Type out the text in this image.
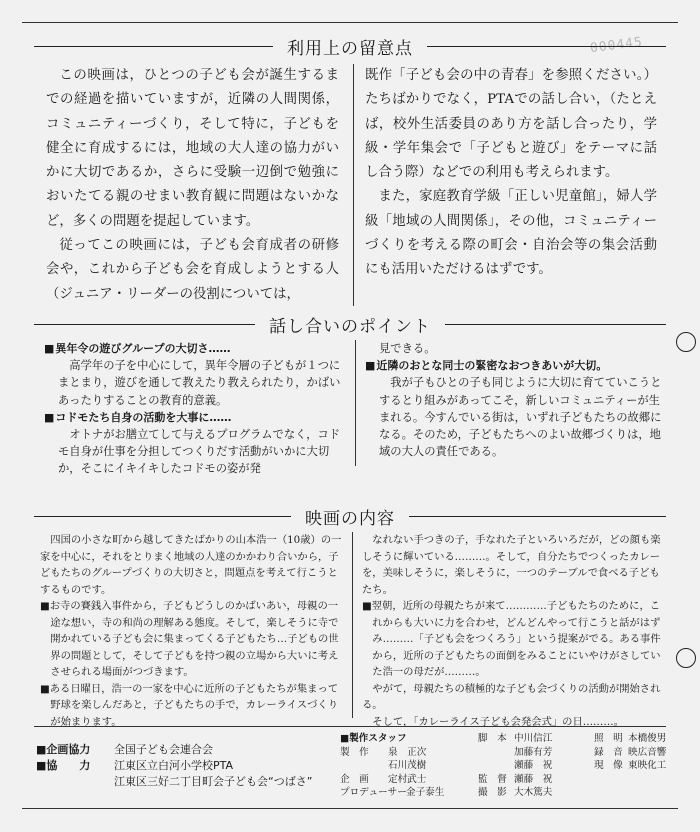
000445
利用上の留意点

この映画は，ひとつの子ども会が誕生するまでの経過を描いていますが，近隣の人間関係，コミュニティーづくり，そして特に，子どもを健全に育成するには，地域の大人達の協力がいかに大切であるか，さらに受験一辺倒で勉強においたてる親のせまい教育観に問題はないかなど，多くの問題を提起しています。

従ってこの映画には，子ども会育成者の研修会や，これから子ども会を育成しようとする人（ジュニア・リーダーの役割については，

既作「子ども会の中の青春」を参照ください。）たちばかりでなく，PTAでの話し合い，（たとえば，校外生活委員のあり方を話し合ったり，学級・学年集会で「子どもと遊び」をテーマに話し合う際）などでの利用も考えられます。

また，家庭教育学級「正しい児童館」，婦人学級「地域の人間関係」，その他，コミュニティーづくりを考える際の町会・自治会等の集会活動にも活用いただけるはずです。

話し合いのポイント

■ 異年令の遊びグループの大切さ……

高学年の子を中心にして，異年令層の子どもが１つにまとまり，遊びを通して教えたり教えられたり，かばいあったりすることの教育的意義。

■ コドモたち自身の活動を大事に……

オトナがお膳立てして与えるプログラムでなく，コドモ自身が仕事を分担してつくりだす活動がいかに大切か，そこにイキイキしたコドモの姿が発

見できる。

■ 近隣のおとな同士の緊密なおつきあいが大切。

我が子もひとの子も同じように大切に育てていこうとするとり組みがあってこそ，新しいコミュニティーが生まれる。今すんでいる街は，いずれ子どもたちの故郷になる。そのため，子どもたちへのよい故郷づくりは，地域の大人の責任である。

映画の内容

四国の小さな町から越してきたばかりの山本浩一（10歳）の一家を中心に，それをとりまく地域の人達のかかわり合いから，子どもたちのグループづくりの大切さと，問題点を考えて行こうとするものです。

■ お寺の賽銭入事件から，子どもどうしのかばいあい，母親の一途な想い，寺の和尚の理解ある態度。そして，楽しそうに寺で開かれている子ども会に集まってくる子どもたち…子どもの世界の問題として，そして子どもを持つ親の立場から大いに考えさせられる場面がつづきます。

■ ある日曜日，浩一の一家を中心に近所の子どもたちが集まって野球を楽しんだあと，子どもたちの手で，カレーライスづくりが始まります。

なれない手つきの子，手なれた子といろいろだが，どの顔も楽しそうに輝いている………。そして，自分たちでつくったカレーを，美味しそうに，楽しそうに，一つのテーブルで食べる子どもたち。

■ 翌朝，近所の母親たちが来て…………子どもたちのために，これからも大いに力を合わせ，どんどんやって行こうと話がはずみ………「子ども会をつくろう」という提案がでる。ある事件から，近所の子どもたちの面倒をみることにいやけがさしていた浩一の母だが………。

やがて，母親たちの積極的な子ども会づくりの活動が開始される。

そして，「カレーライス子ども会発会式」の日………。

■ 企画協力 全国子ども会連合会
■ 協　　力 江東区立白河小学校PTA
江東区三好二丁目町会子ども会“つばさ”
■製作スタッフ
製　作 泉　正次
石川茂樹
企　画 定村武士
プロデューサー金子泰生
脚　本 中川信江
加藤有芳
瀬藤　祝
監　督 瀬藤　祝
撮　影 大木篤夫
照　明 本橋俊男
録　音 映広音響
現　像 東映化工
